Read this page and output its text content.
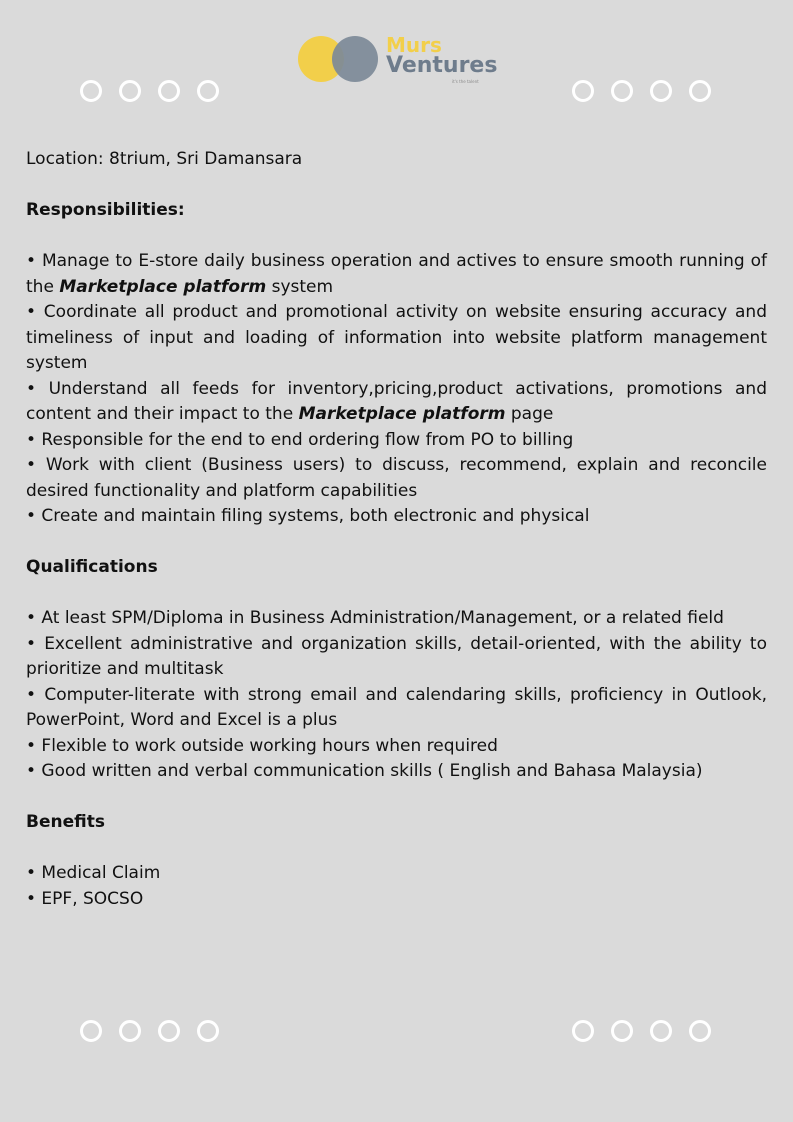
Murs
Ventures
it's the talent

Location: 8trium, Sri Damansara

Responsibilities:

• Manage to E-store daily business operation and actives to ensure smooth running of the Marketplace platform system

• Coordinate all product and promotional activity on website ensuring accuracy and timeliness of input and loading of information into website platform management system

• Understand all feeds for inventory,pricing,product activations, promotions and content and their impact to the Marketplace platform page

• Responsible for the end to end ordering flow from PO to billing

• Work with client (Business users) to discuss, recommend, explain and reconcile desired functionality and platform capabilities

• Create and maintain filing systems, both electronic and physical

Qualifications

• At least SPM/Diploma in Business Administration/Management, or a related field

• Excellent administrative and organization skills, detail-oriented, with the ability to prioritize and multitask

• Computer-literate with strong email and calendaring skills, proficiency in Outlook, PowerPoint, Word and Excel is a plus

• Flexible to work outside working hours when required

• Good written and verbal communication skills ( English and Bahasa Malaysia)

Benefits

• Medical Claim

• EPF, SOCSO
